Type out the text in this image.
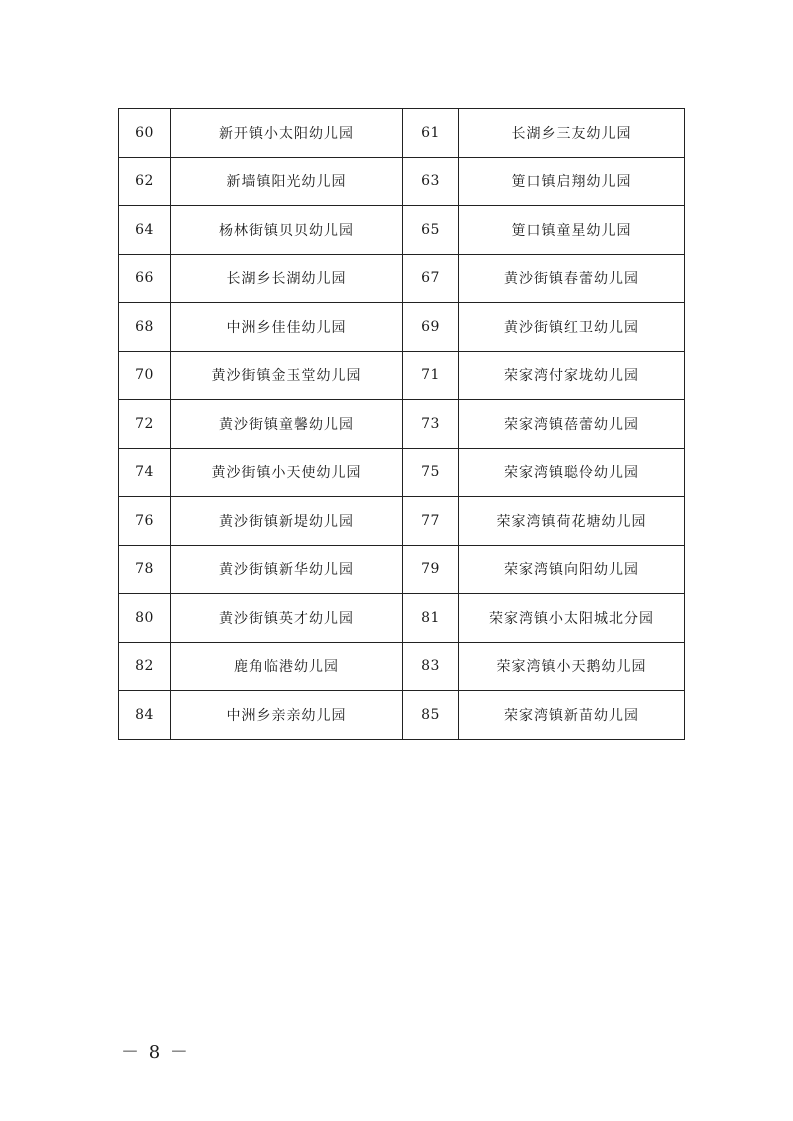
60	新开镇小太阳幼儿园	61	长湖乡三友幼儿园
62	新墙镇阳光幼儿园	63	筻口镇启翔幼儿园
64	杨林街镇贝贝幼儿园	65	筻口镇童星幼儿园
66	长湖乡长湖幼儿园	67	黄沙街镇春蕾幼儿园
68	中洲乡佳佳幼儿园	69	黄沙街镇红卫幼儿园
70	黄沙街镇金玉堂幼儿园	71	荣家湾付家垅幼儿园
72	黄沙街镇童馨幼儿园	73	荣家湾镇蓓蕾幼儿园
74	黄沙街镇小天使幼儿园	75	荣家湾镇聪伶幼儿园
76	黄沙街镇新堤幼儿园	77	荣家湾镇荷花塘幼儿园
78	黄沙街镇新华幼儿园	79	荣家湾镇向阳幼儿园
80	黄沙街镇英才幼儿园	81	荣家湾镇小太阳城北分园
82	鹿角临港幼儿园	83	荣家湾镇小天鹅幼儿园
84	中洲乡亲亲幼儿园	85	荣家湾镇新苗幼儿园
－ 8 －
